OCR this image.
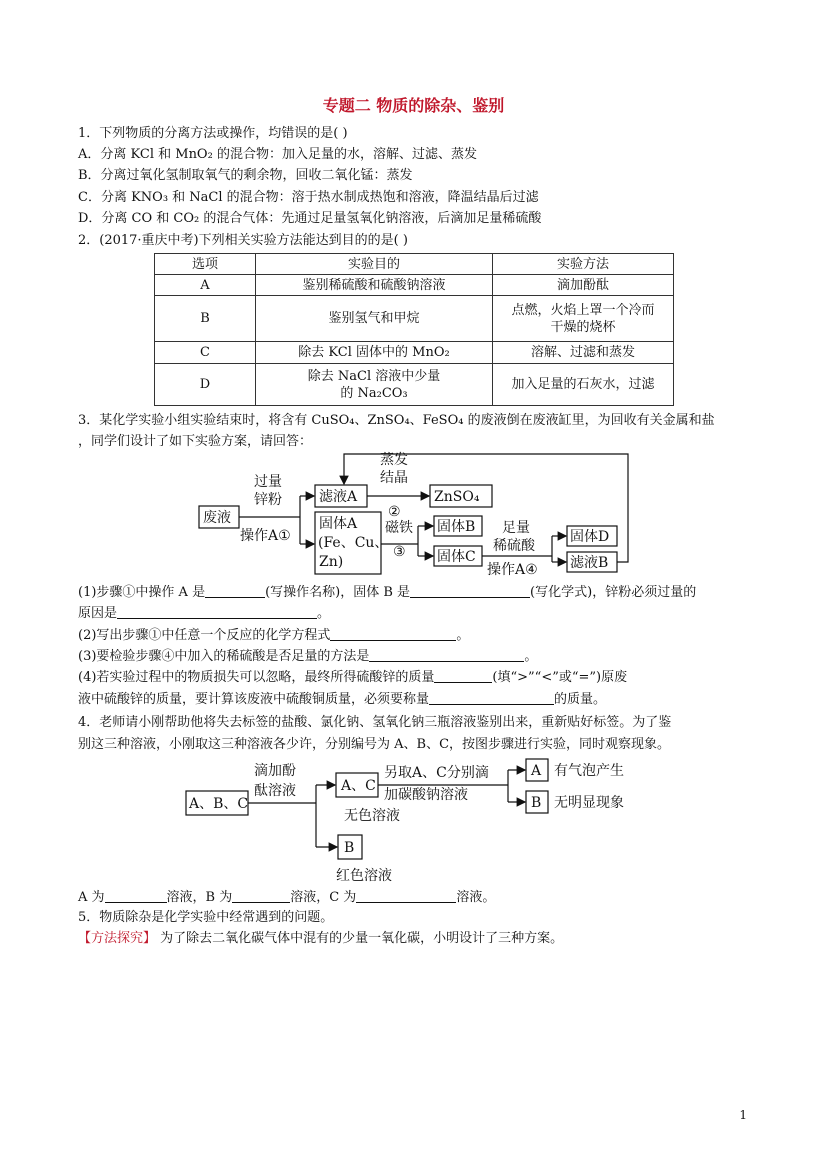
专题二 物质的除杂、鉴别
1．下列物质的分离方法或操作，均错误的是( )
A．分离 KCl 和 MnO₂ 的混合物：加入足量的水，溶解、过滤、蒸发
B．分离过氧化氢制取氧气的剩余物，回收二氧化锰：蒸发
C．分离 KNO₃ 和 NaCl 的混合物：溶于热水制成热饱和溶液，降温结晶后过滤
D．分离 CO 和 CO₂ 的混合气体：先通过足量氢氧化钠溶液，后滴加足量稀硫酸
2．(2017·重庆中考)下列相关实验方法能达到目的的是( )
选项	实验目的	实验方法
A	鉴别稀硫酸和硫酸钠溶液	滴加酚酞
B	鉴别氢气和甲烷	点燃，火焰上罩一个冷而
干燥的烧杯
C	除去 KCl 固体中的 MnO₂	溶解、过滤和蒸发
D	除去 NaCl 溶液中少量
的 Na₂CO₃	加入足量的石灰水，过滤
3．某化学实验小组实验结束时，将含有 CuSO₄、ZnSO₄、FeSO₄ 的废液倒在废液缸里，为回收有关金属和盐
，同学们设计了如下实验方案，请回答：
废液
过量
锌粉
操作A①
滤液A
蒸发
结晶
②
ZnSO₄
固体A
(Fe、Cu、
Zn)
磁铁
③
固体B
固体C
足量
稀硫酸
操作A④
固体D
滤液B
(1)步骤①中操作 A 是	(写操作名称)，固体 B 是	(写化学式)，锌粉必须过量的
原因是	。
(2)写出步骤①中任意一个反应的化学方程式	。
(3)要检验步骤④中加入的稀硫酸是否足量的方法是	。
(4)若实验过程中的物质损失可以忽略，最终所得硫酸锌的质量	(填“>”“<”或“=”)原废
液中硫酸锌的质量，要计算该废液中硫酸铜质量，必须要称量	的质量。
4．老师请小刚帮助他将失去标签的盐酸、氯化钠、氢氧化钠三瓶溶液鉴别出来，重新贴好标签。为了鉴
别这三种溶液，小刚取这三种溶液各少许，分别编号为 A、B、C，按图步骤进行实验，同时观察现象。
A、B、C
滴加酚
酞溶液	A、C
另取A、C分别滴
加碳酸钠溶液
无色溶液
B
红色溶液
A 有气泡产生
B 无明显现象
A 为	溶液，B 为	溶液，C 为	溶液。
5．物质除杂是化学实验中经常遇到的问题。
【方法探究】 为了除去二氧化碳气体中混有的少量一氧化碳，小明设计了三种方案。
1
